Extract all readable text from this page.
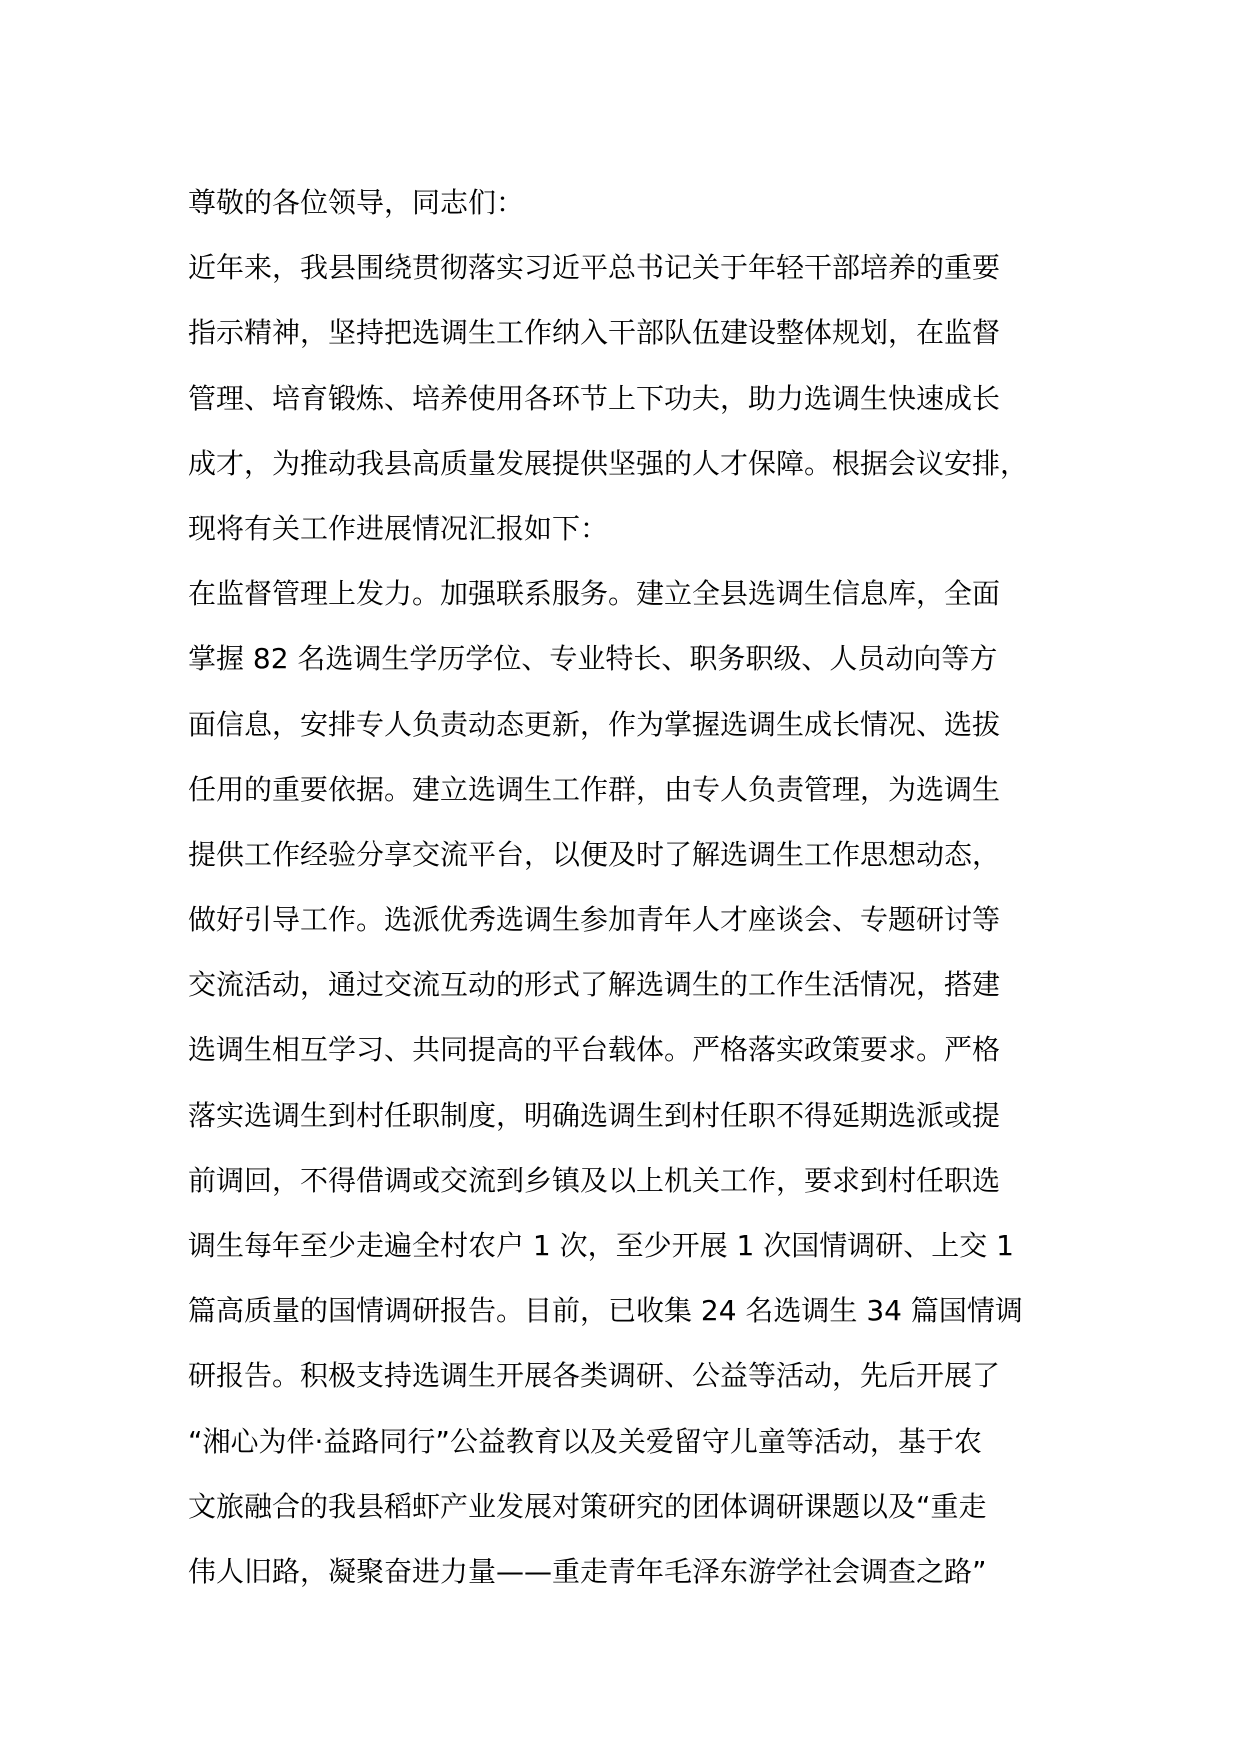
尊敬的各位领导，同志们：
近年来，我县围绕贯彻落实习近平总书记关于年轻干部培养的重要
指示精神，坚持把选调生工作纳入干部队伍建设整体规划，在监督
管理、培育锻炼、培养使用各环节上下功夫，助力选调生快速成长
成才，为推动我县高质量发展提供坚强的人才保障。根据会议安排，
现将有关工作进展情况汇报如下：
在监督管理上发力。加强联系服务。建立全县选调生信息库，全面
掌握 82 名选调生学历学位、专业特长、职务职级、人员动向等方
面信息，安排专人负责动态更新，作为掌握选调生成长情况、选拔
任用的重要依据。建立选调生工作群，由专人负责管理，为选调生
提供工作经验分享交流平台，以便及时了解选调生工作思想动态，
做好引导工作。选派优秀选调生参加青年人才座谈会、专题研讨等
交流活动，通过交流互动的形式了解选调生的工作生活情况，搭建
选调生相互学习、共同提高的平台载体。严格落实政策要求。严格
落实选调生到村任职制度，明确选调生到村任职不得延期选派或提
前调回，不得借调或交流到乡镇及以上机关工作，要求到村任职选
调生每年至少走遍全村农户 1 次，至少开展 1 次国情调研、上交 1
篇高质量的国情调研报告。目前，已收集 24 名选调生 34 篇国情调
研报告。积极支持选调生开展各类调研、公益等活动，先后开展了
“湘心为伴·益路同行”公益教育以及关爱留守儿童等活动，基于农
文旅融合的我县稻虾产业发展对策研究的团体调研课题以及“重走
伟人旧路，凝聚奋进力量——重走青年毛泽东游学社会调查之路”
